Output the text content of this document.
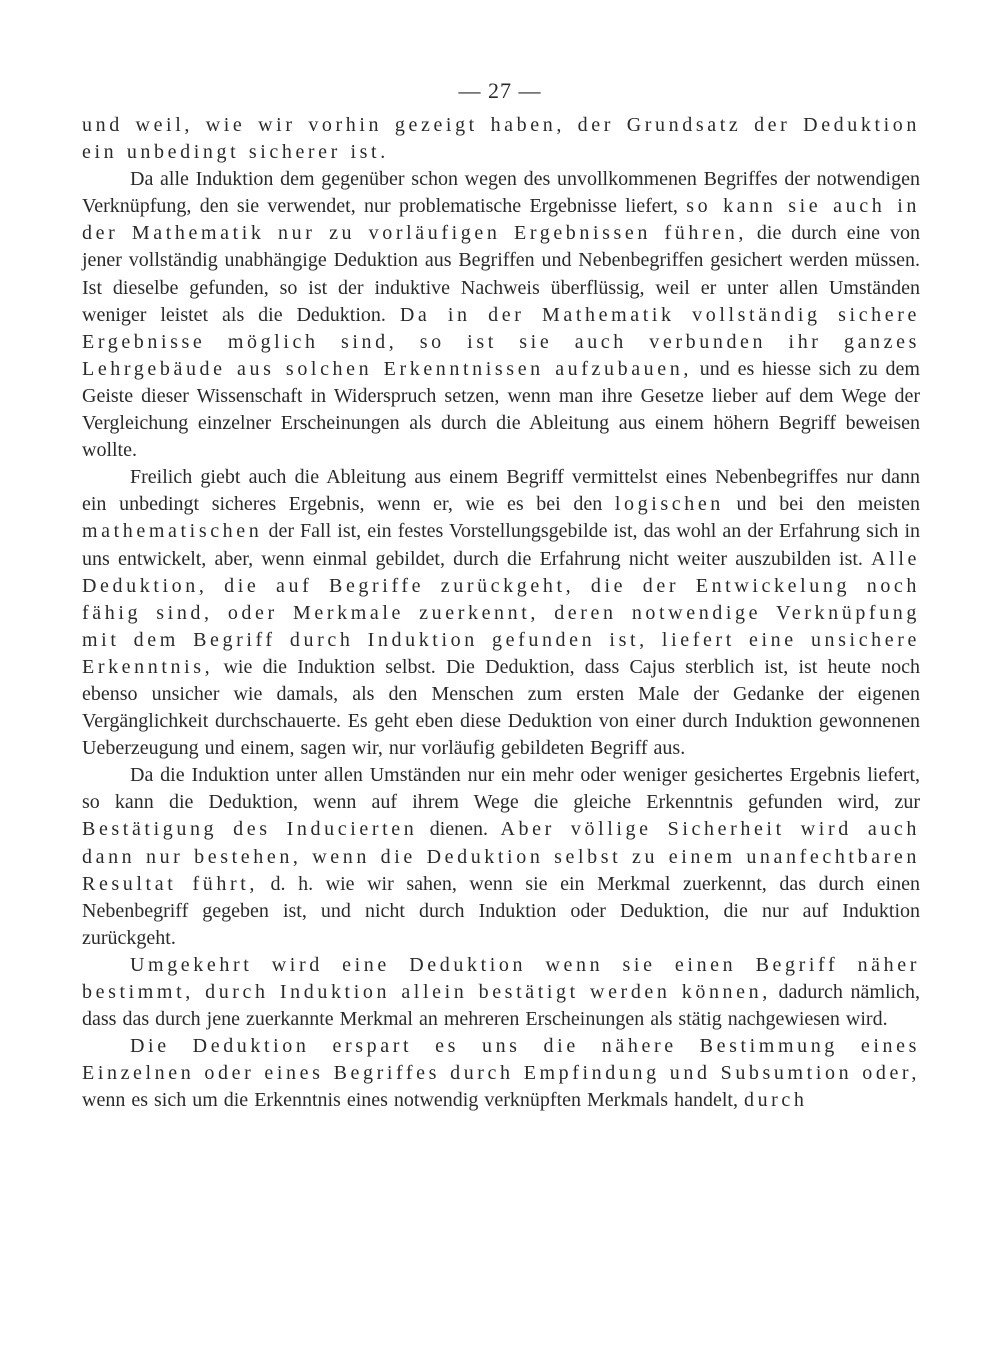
— 27 —

und weil, wie wir vorhin gezeigt haben, der Grundsatz der Deduktion ein unbedingt sicherer ist.

Da alle Induktion dem gegenüber schon wegen des unvollkommenen Begriffes der notwendigen Verknüpfung, den sie verwendet, nur problematische Ergebnisse liefert, so kann sie auch in der Mathematik nur zu vorläufigen Ergebnissen führen, die durch eine von jener vollständig unabhängige Deduktion aus Begriffen und Nebenbegriffen gesichert werden müssen. Ist dieselbe gefunden, so ist der induktive Nachweis überflüssig, weil er unter allen Umständen weniger leistet als die Deduktion. Da in der Mathematik vollständig sichere Ergebnisse möglich sind, so ist sie auch verbunden ihr ganzes Lehrgebäude aus solchen Erkenntnissen aufzubauen, und es hiesse sich zu dem Geiste dieser Wissenschaft in Widerspruch setzen, wenn man ihre Gesetze lieber auf dem Wege der Vergleichung einzelner Erscheinungen als durch die Ableitung aus einem höhern Begriff beweisen wollte.

Freilich giebt auch die Ableitung aus einem Begriff vermittelst eines Nebenbegriffes nur dann ein unbedingt sicheres Ergebnis, wenn er, wie es bei den logischen und bei den meisten mathematischen der Fall ist, ein festes Vorstellungsgebilde ist, das wohl an der Erfahrung sich in uns entwickelt, aber, wenn einmal gebildet, durch die Erfahrung nicht weiter auszubilden ist. Alle Deduktion, die auf Begriffe zurückgeht, die der Entwickelung noch fähig sind, oder Merkmale zuerkennt, deren notwendige Verknüpfung mit dem Begriff durch Induktion gefunden ist, liefert eine unsichere Erkenntnis, wie die Induktion selbst. Die Deduktion, dass Cajus sterblich ist, ist heute noch ebenso unsicher wie damals, als den Menschen zum ersten Male der Gedanke der eigenen Vergänglichkeit durchschauerte. Es geht eben diese Deduktion von einer durch Induktion gewonnenen Ueberzeugung und einem, sagen wir, nur vorläufig gebildeten Begriff aus.

Da die Induktion unter allen Umständen nur ein mehr oder weniger gesichertes Ergebnis liefert, so kann die Deduktion, wenn auf ihrem Wege die gleiche Erkenntnis gefunden wird, zur Bestätigung des Inducierten dienen. Aber völlige Sicherheit wird auch dann nur bestehen, wenn die Deduktion selbst zu einem unanfechtbaren Resultat führt, d. h. wie wir sahen, wenn sie ein Merkmal zuerkennt, das durch einen Nebenbegriff gegeben ist, und nicht durch Induktion oder Deduktion, die nur auf Induktion zurückgeht.

Umgekehrt wird eine Deduktion wenn sie einen Begriff näher bestimmt, durch Induktion allein bestätigt werden können, dadurch nämlich, dass das durch jene zuerkannte Merkmal an mehreren Erscheinungen als stätig nachgewiesen wird.

Die Deduktion erspart es uns die nähere Bestimmung eines Einzelnen oder eines Begriffes durch Empfindung und Subsumtion oder, wenn es sich um die Erkenntnis eines notwendig verknüpften Merkmals handelt, durch
